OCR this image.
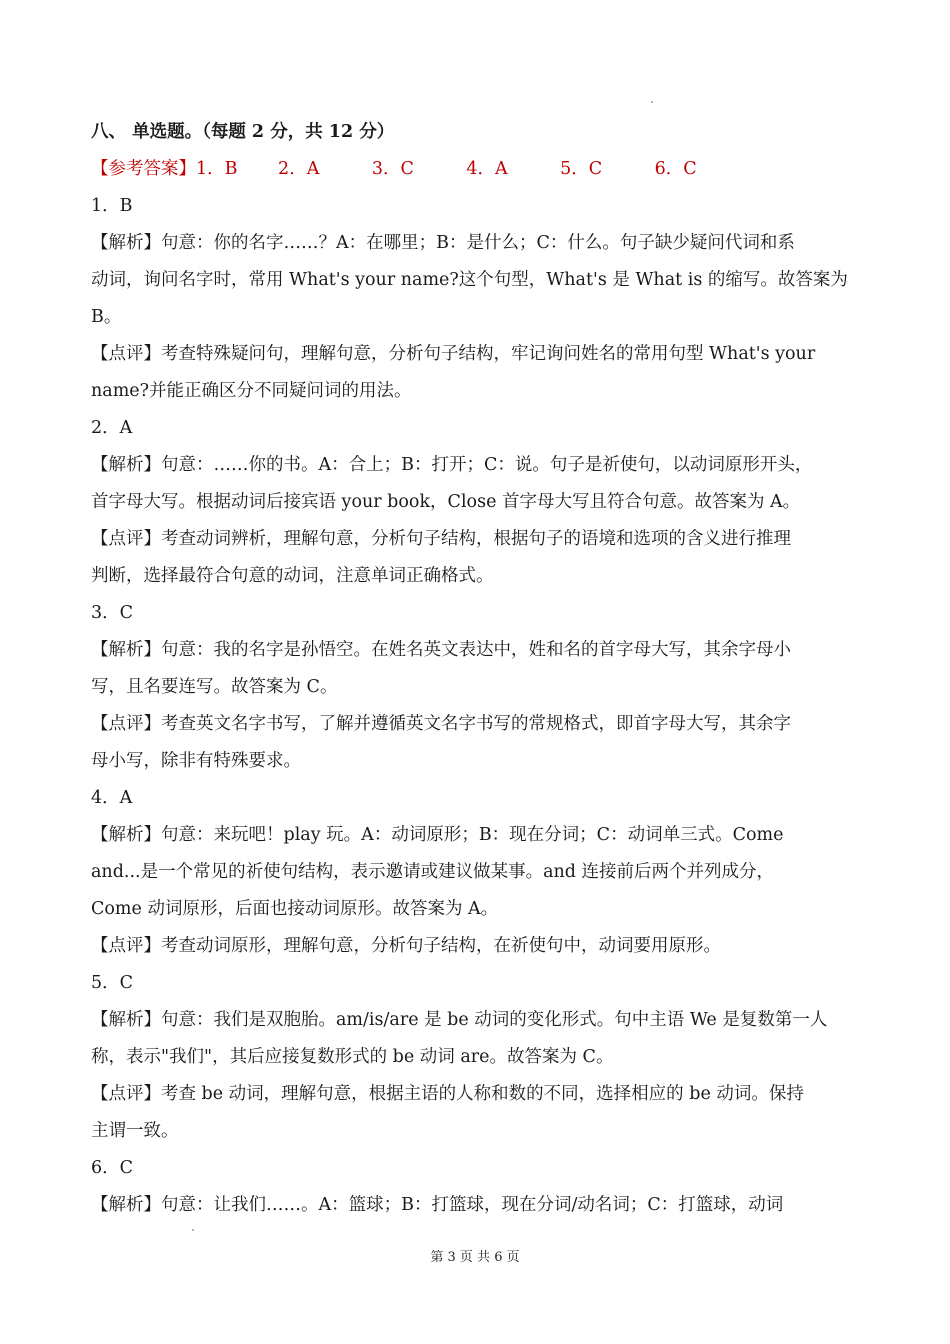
八、 单选题。（每题 2 分，共 12 分）
【参考答案】1．B　　 2．A　　　3．C　　　4．A　　　5．C　　　6．C
1．B
【解析】句意：你的名字……？A：在哪里；B：是什么；C：什么。句子缺少疑问代词和系
动词，询问名字时，常用 What's your name?这个句型，What's 是 What is 的缩写。故答案为
B。
【点评】考查特殊疑问句，理解句意，分析句子结构，牢记询问姓名的常用句型 What's your
name?并能正确区分不同疑问词的用法。
2．A
【解析】句意：……你的书。A：合上；B：打开；C：说。句子是祈使句，以动词原形开头，
首字母大写。根据动词后接宾语 your book，Close 首字母大写且符合句意。故答案为 A。
【点评】考查动词辨析，理解句意，分析句子结构，根据句子的语境和选项的含义进行推理
判断，选择最符合句意的动词，注意单词正确格式。
3．C
【解析】句意：我的名字是孙悟空。在姓名英文表达中，姓和名的首字母大写，其余字母小
写，且名要连写。故答案为 C。
【点评】考查英文名字书写，了解并遵循英文名字书写的常规格式，即首字母大写，其余字
母小写，除非有特殊要求。
4．A
【解析】句意：来玩吧！play 玩。A：动词原形；B：现在分词；C：动词单三式。Come
and...是一个常见的祈使句结构，表示邀请或建议做某事。and 连接前后两个并列成分，
Come 动词原形，后面也接动词原形。故答案为 A。
【点评】考查动词原形，理解句意，分析句子结构，在祈使句中，动词要用原形。
5．C
【解析】句意：我们是双胞胎。am/is/are 是 be 动词的变化形式。句中主语 We 是复数第一人
称，表示"我们"，其后应接复数形式的 be 动词 are。故答案为 C。
【点评】考查 be 动词，理解句意，根据主语的人称和数的不同，选择相应的 be 动词。保持
主谓一致。
6．C
【解析】句意：让我们……。A：篮球；B：打篮球，现在分词/动名词；C：打篮球，动词
第 3 页 共 6 页
